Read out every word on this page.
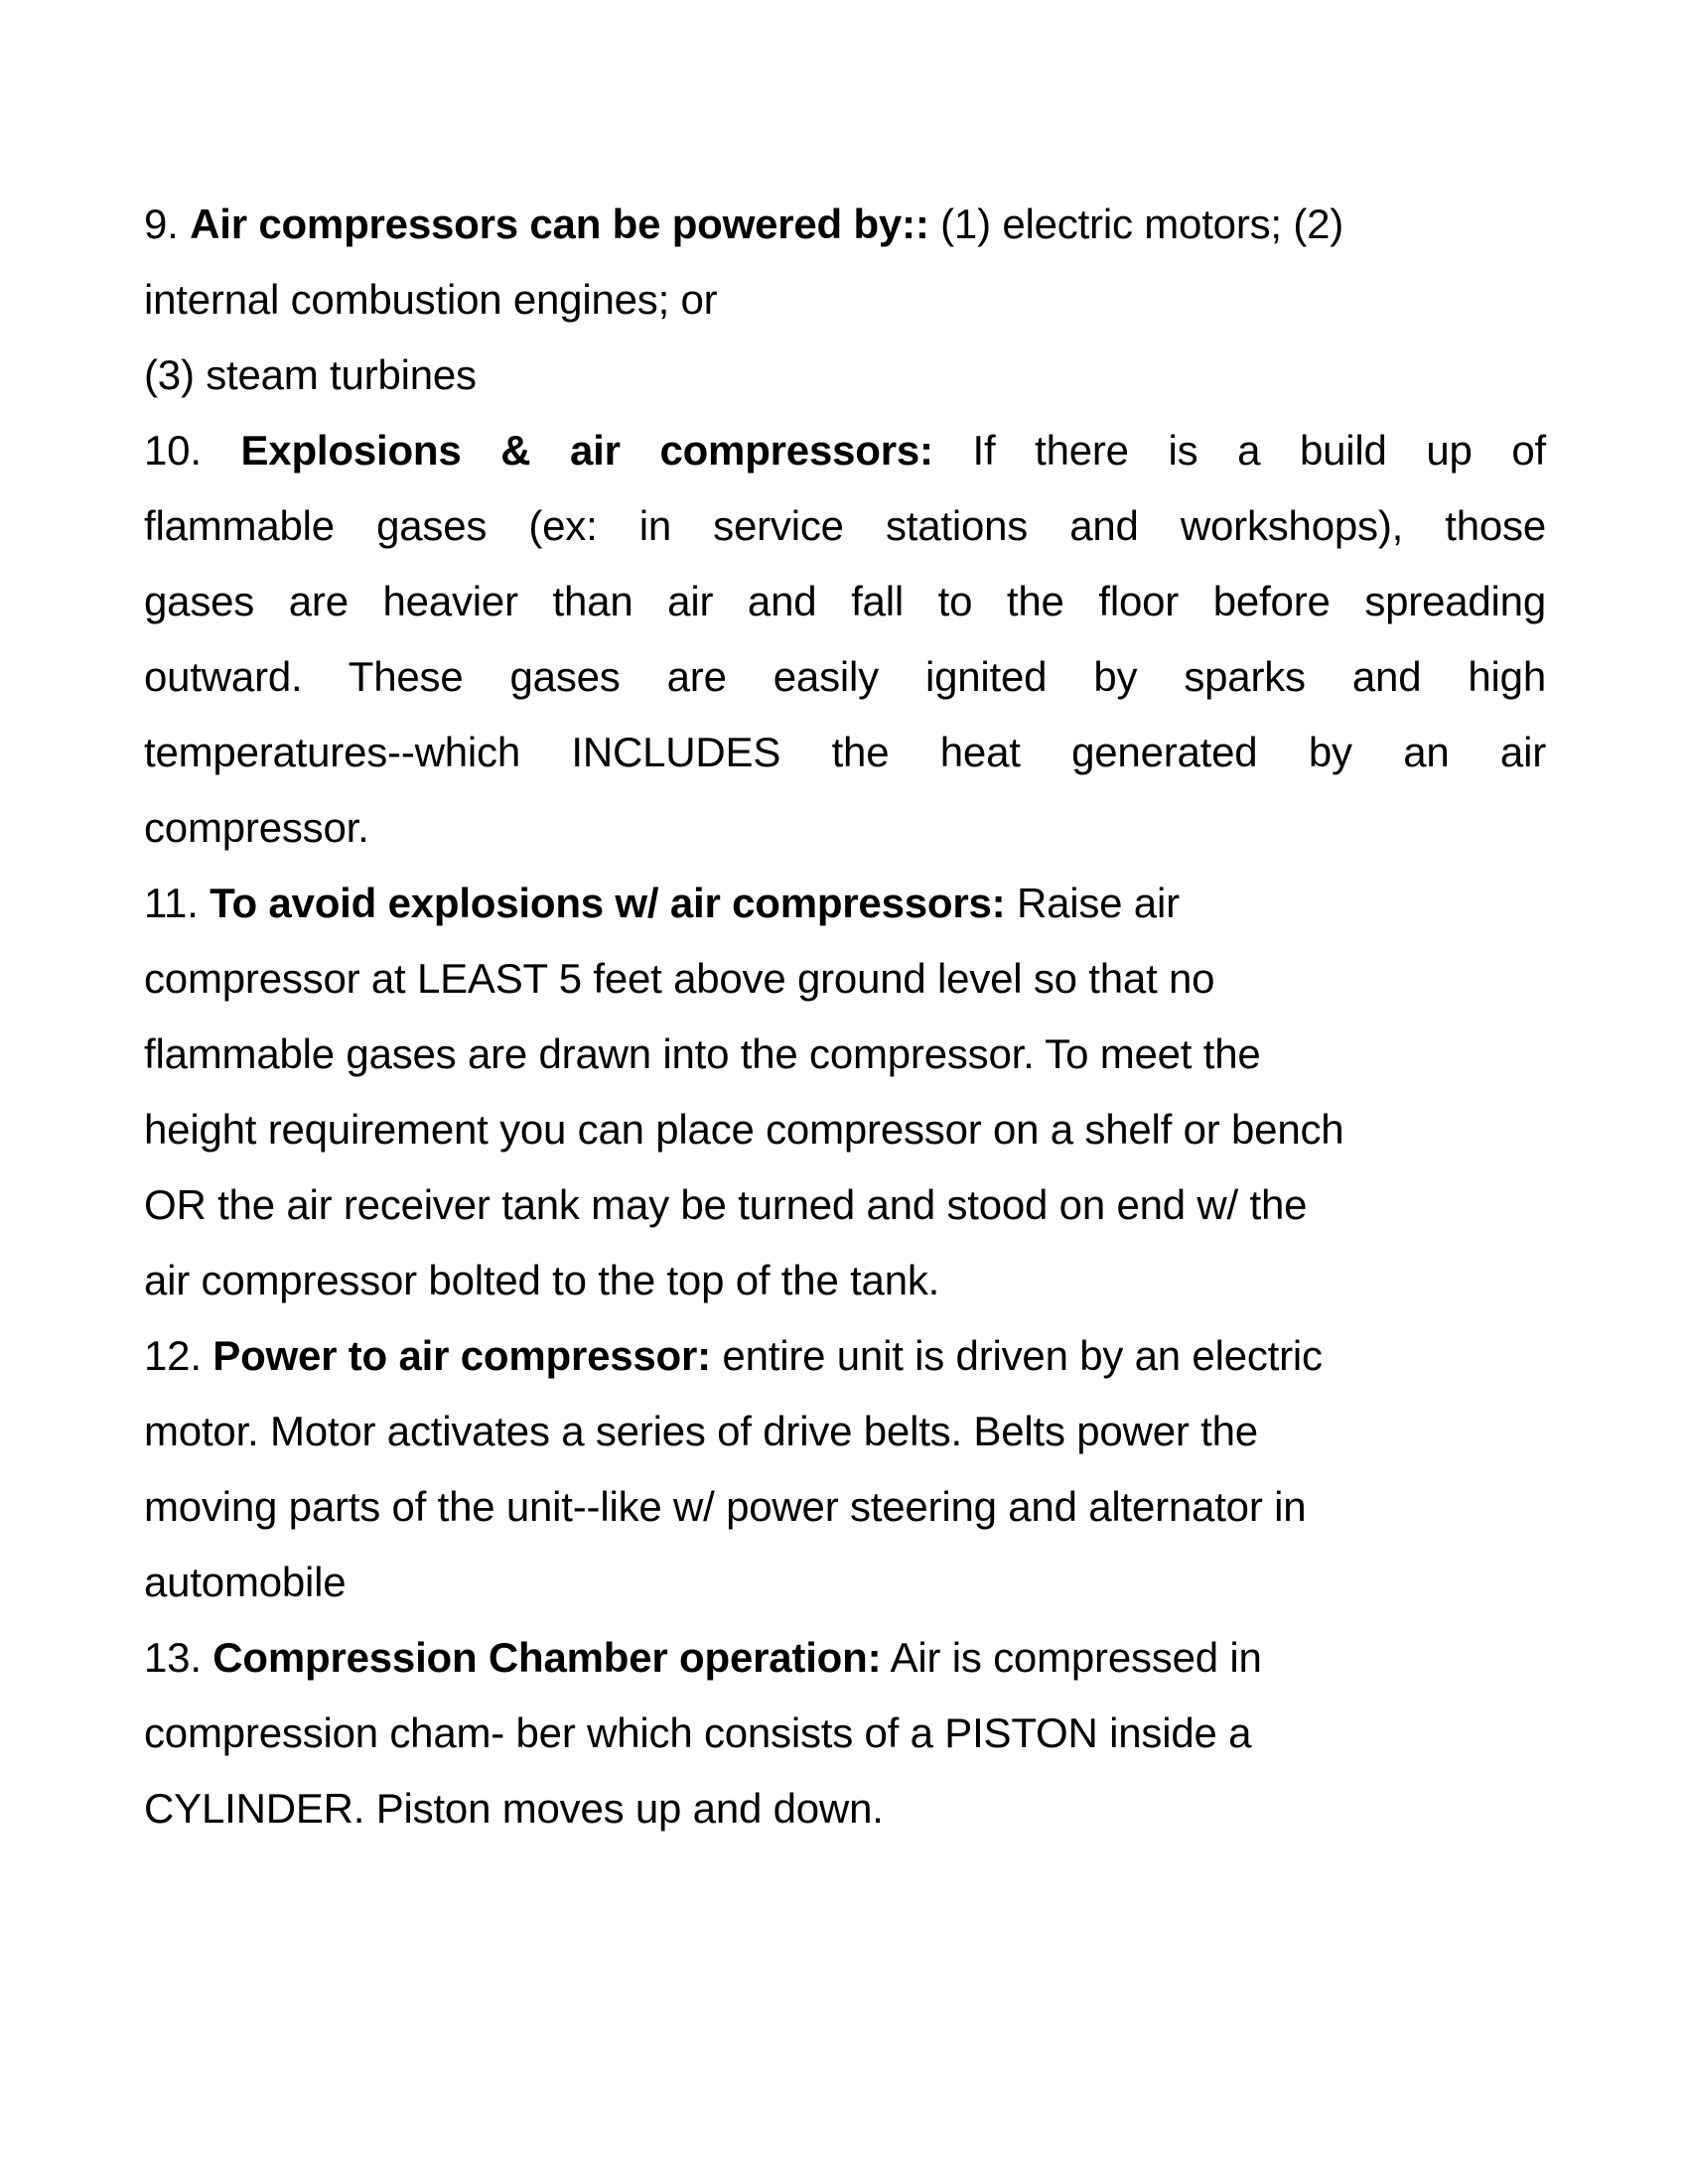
9. Air compressors can be powered by:: (1) electric motors; (2)
internal combustion engines; or
(3) steam turbines
10. Explosions & air compressors: If there is a build up of
flammable gases (ex: in service stations and workshops), those
gases are heavier than air and fall to the floor before spreading
outward. These gases are easily ignited by sparks and high
temperatures--which INCLUDES the heat generated by an air
compressor.
11. To avoid explosions w/ air compressors: Raise air
compressor at LEAST 5 feet above ground level so that no
flammable gases are drawn into the compressor. To meet the
height requirement you can place compressor on a shelf or bench
OR the air receiver tank may be turned and stood on end w/ the
air compressor bolted to the top of the tank.
12. Power to air compressor: entire unit is driven by an electric
motor. Motor activates a series of drive belts. Belts power the
moving parts of the unit--like w/ power steering and alternator in
automobile
13. Compression Chamber operation: Air is compressed in
compression cham- ber which consists of a PISTON inside a
CYLINDER. Piston moves up and down.
